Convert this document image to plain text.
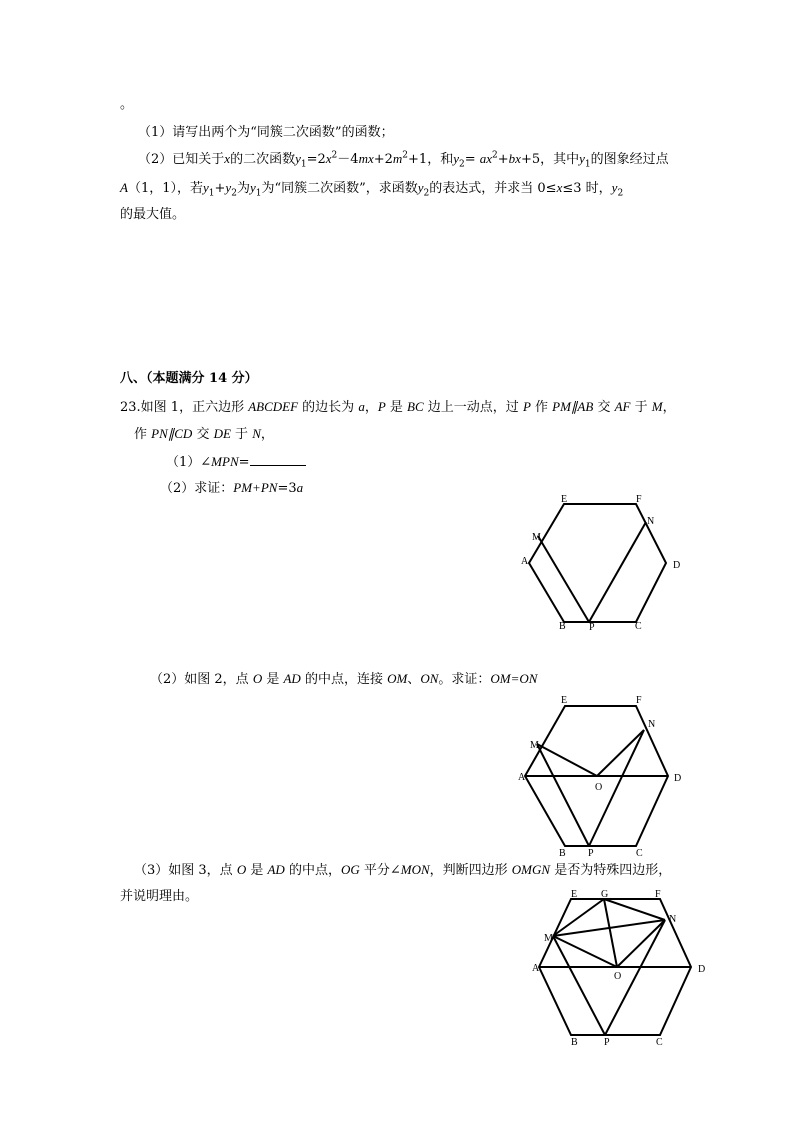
。
（1）请写出两个为“同簇二次函数”的函数；
（2）已知关于x的二次函数$y_1=2x^2-4mx+2m^2+1$，和$y_2= ax^2+bx+5$，其中$y_1$的图象经过点
A（1，1），若$y_1+y_2$为$y_1$为“同簇二次函数”，求函数$y_2$的表达式，并求当 0≤x≤3 时，$y_2$
的最大值。
八、（本题满分 14 分）
23.如图 1，正六边形 ABCDEF 的边长为 a，P 是 BC 边上一动点，过 P 作 PM∥AB 交 AF 于 M，
作 PN∥CD 交 DE 于 N，
（1）∠MPN=
（2）求证：PM+PN=3a
E	F
M
N
A	D
B P	C
（2）如图 2，点 O 是 AD 的中点，连接 OM、ON。求证：OM=ON
E	F
N
M
A	D
O
B P	C
（3）如图 3，点 O 是 AD 的中点，OG 平分∠MON，判断四边形 OMGN 是否为特殊四边形，
并说明理由。	E G	F
N
M
A	D
O
B	P	C
